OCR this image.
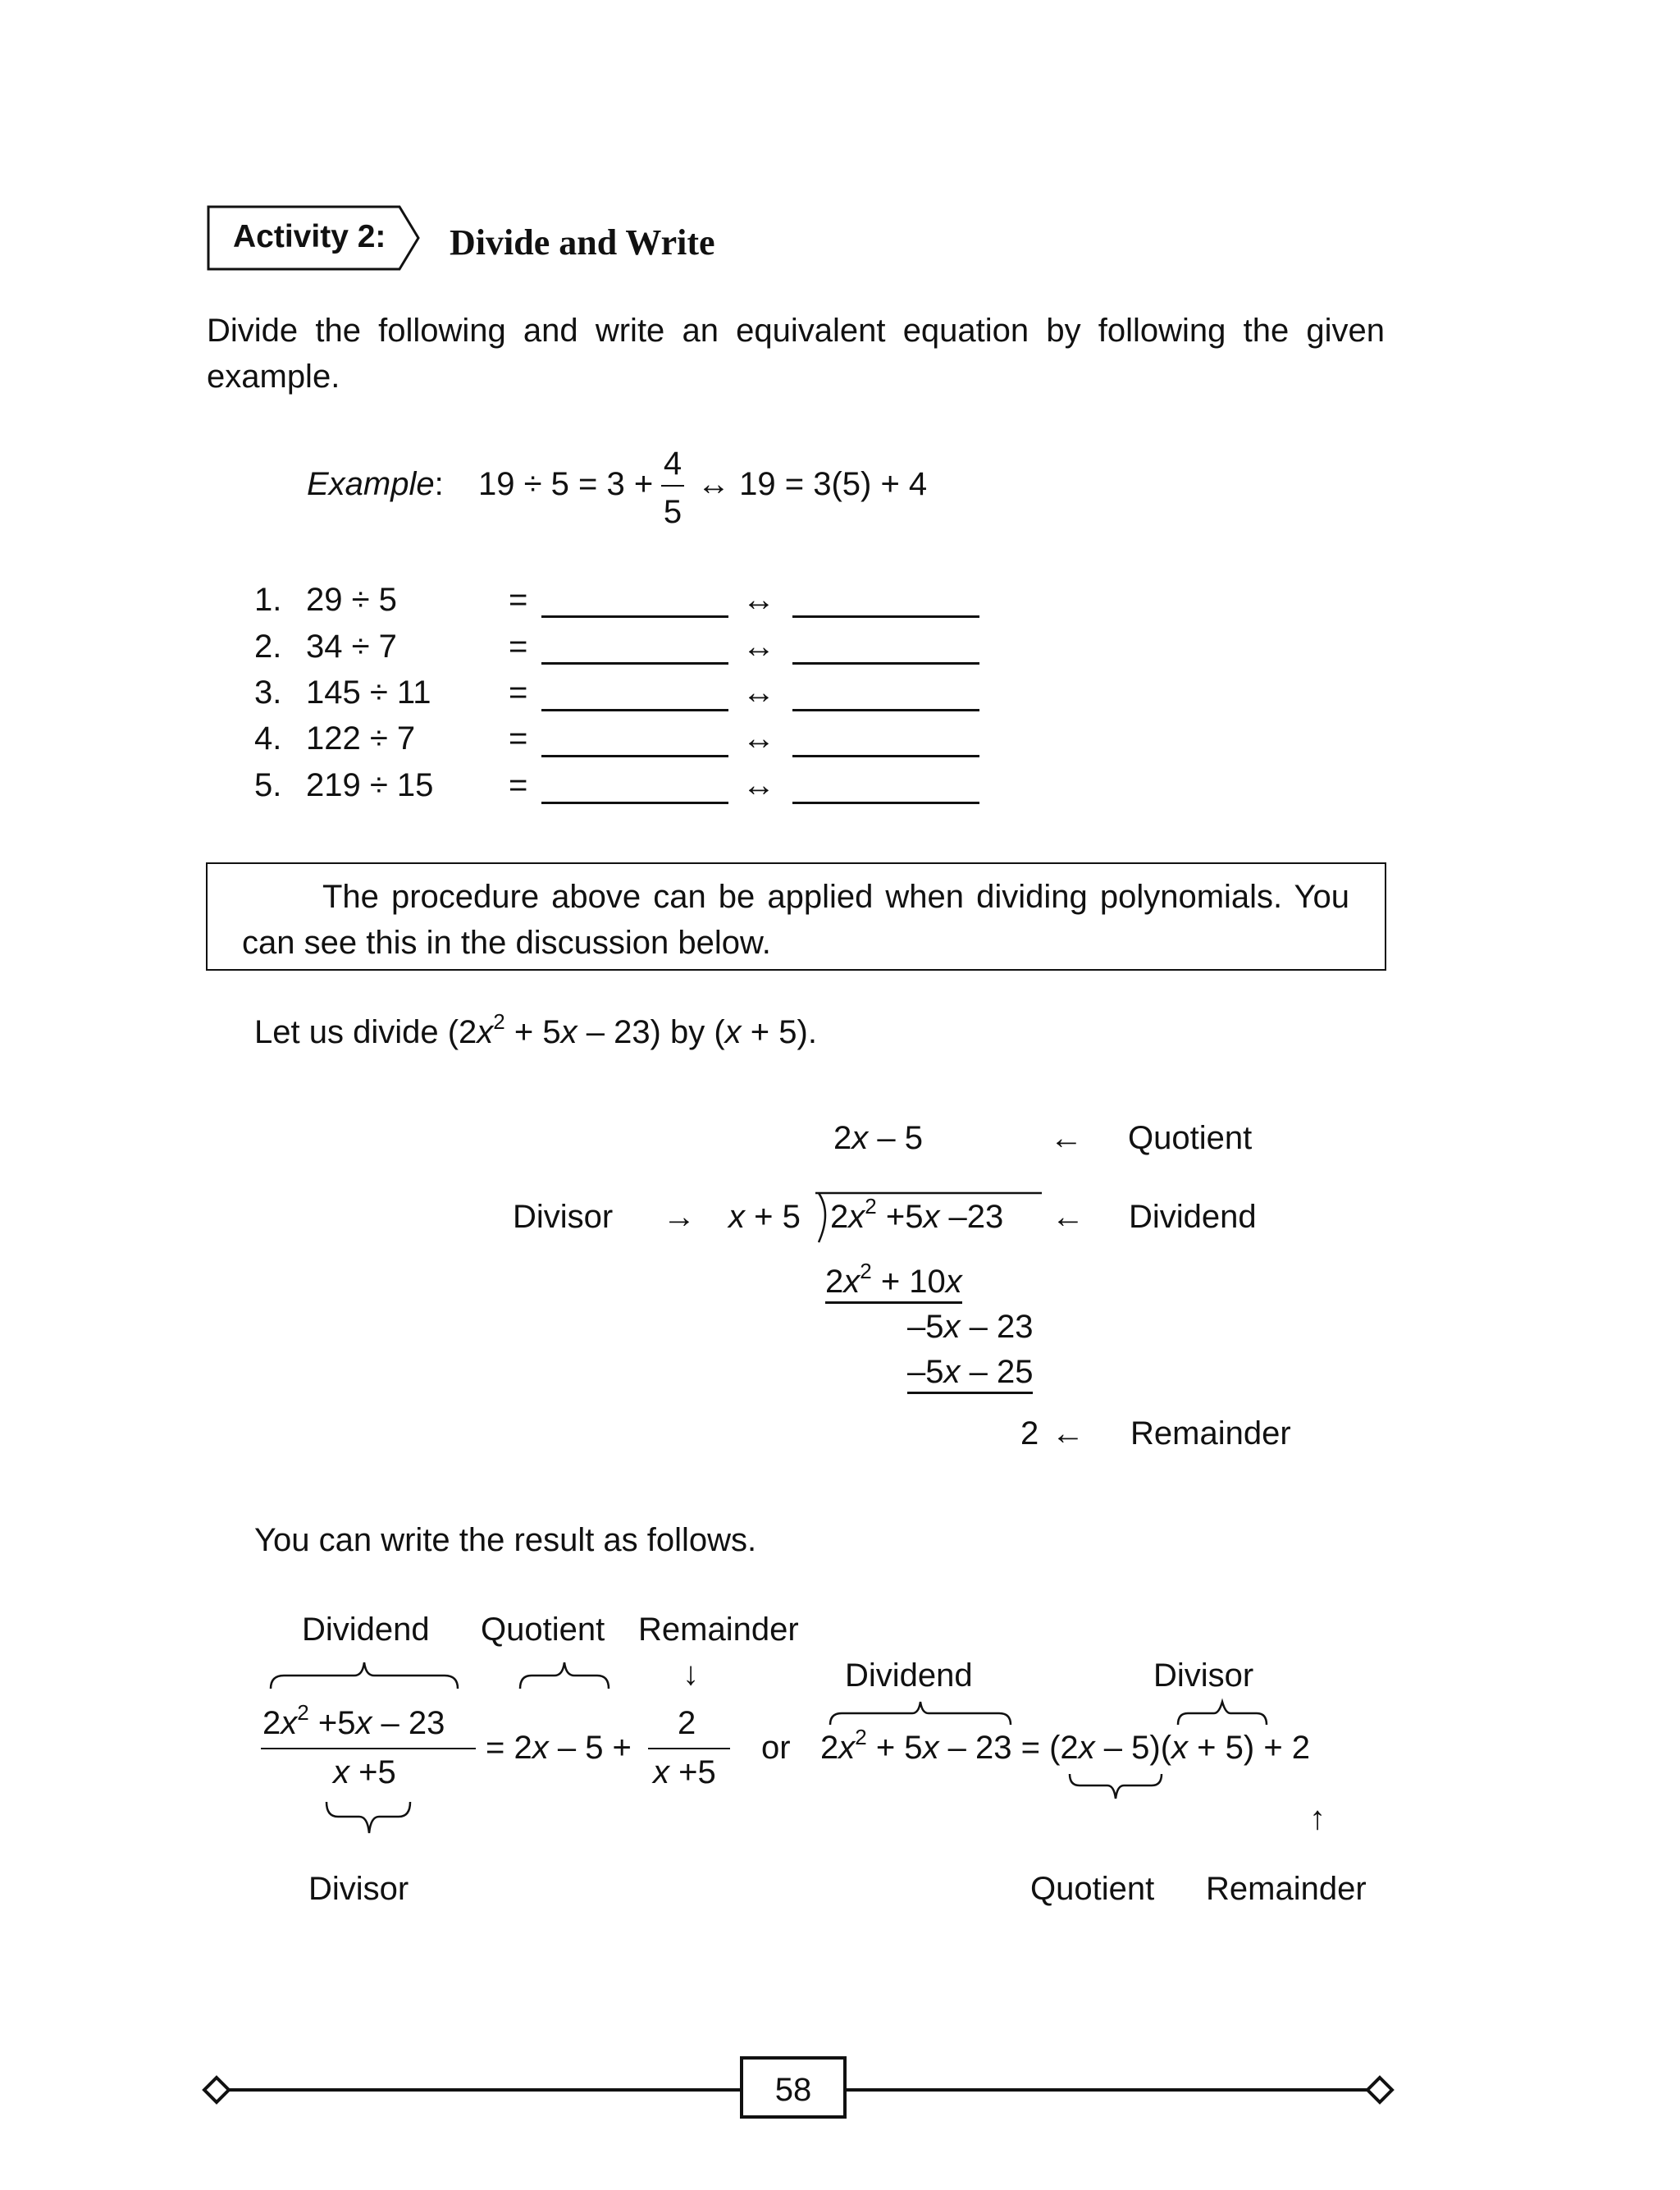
Activity 2: Divide and Write
Divide the following and write an equivalent equation by following the given example.
Example: 19 ÷ 5 = 3 +
4
5
↔ 19 = 3(5) + 4
1. 29 ÷ 5	=	↔
2. 34 ÷ 7	=	↔
3. 145 ÷ 11 =	↔
4. 122 ÷ 7	=	↔
5. 219 ÷ 15 =	↔
The procedure above can be applied when dividing polynomials. You can see this in the discussion below.
Let us divide $(2x^2 + 5x - 23)$ by (x + 5).
2x – 5	← Quotient
Divisor → x + 5 $2x^2 +5x$ –23 ← Dividend
$2x^2 + 10x$
–5x – 23
–5x – 25
2 ← Remainder
You can write the result as follows.
Dividend Quotient Remainder
↓
$2x^2 +5x - 23$
x +5
= 2x – 5 +
2
x +5
Divisor
or
Dividend	Divisor
$2x^2 + 5x - 23 = (2x - 5)(x + 5) + 2$
↑
Quotient Remainder
58
